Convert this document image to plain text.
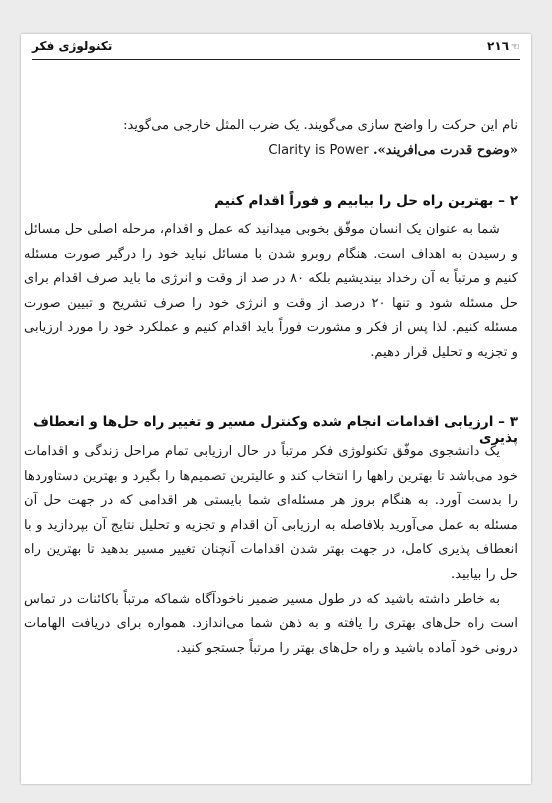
☜٢١٦
تکنولوژی فکر

نام این حرکت را واضح سازی می‌گویند. یک ضرب المثل خارجی می‌گوید:

«وضوح قدرت می‌افریند». Clarity is Power

٢ – بهترین راه حل را بیابیم و فوراً اقدام کنیم

شما به عنوان یک انسان موفّق بخوبی میدانید که عمل و اقدام، مرحله اصلی حل مسائل و رسیدن به اهداف است. هنگام روبرو شدن با مسائل نباید خود را درگیر صورت مسئله کنیم و مرتباً به آن رخداد بیندیشیم بلکه ٨٠ در صد از وقت و انرژی ما باید صرف اقدام برای حل مسئله شود و تنها ٢٠ درصد از وقت و انرژی خود را صرف تشریح و تبیین صورت مسئله کنیم. لذا پس از فکر و مشورت فوراً باید اقدام کنیم و عملکرد خود را مورد ارزیابی و تجزیه و تحلیل قرار دهیم.

٣ – ارزیابی اقدامات انجام شده وکنترل مسیر و تغییر راه حل‌ها و انعطاف پذیری

یک دانشجوی موفّق تکنولوژی فکر مرتباً در حال ارزیابی تمام مراحل زندگی و اقدامات خود می‌باشد تا بهترین راهها را انتخاب کند و عالیترین تصمیم‌ها را بگیرد و بهترین دستاوردها را بدست آورد. به هنگام بروز هر مسئله‌ای شما بایستی هر اقدامی که در جهت حل آن مسئله به عمل می‌آورید بلافاصله به ارزیابی آن اقدام و تجزیه و تحلیل نتایج آن بپردازید و با انعطاف پذیری کامل، در جهت بهتر شدن اقدامات آنچنان تغییر مسیر بدهید تا بهترین راه حل را بیابید.

به خاطر داشته باشید که در طول مسیر ضمیر ناخودآگاه شماکه مرتباً باکائنات در تماس است راه حل‌های بهتری را یافته و به ذهن شما می‌اندازد. همواره برای دریافت الهامات درونی خود آماده باشید و راه حل‌های بهتر را مرتباً جستجو کنید.
